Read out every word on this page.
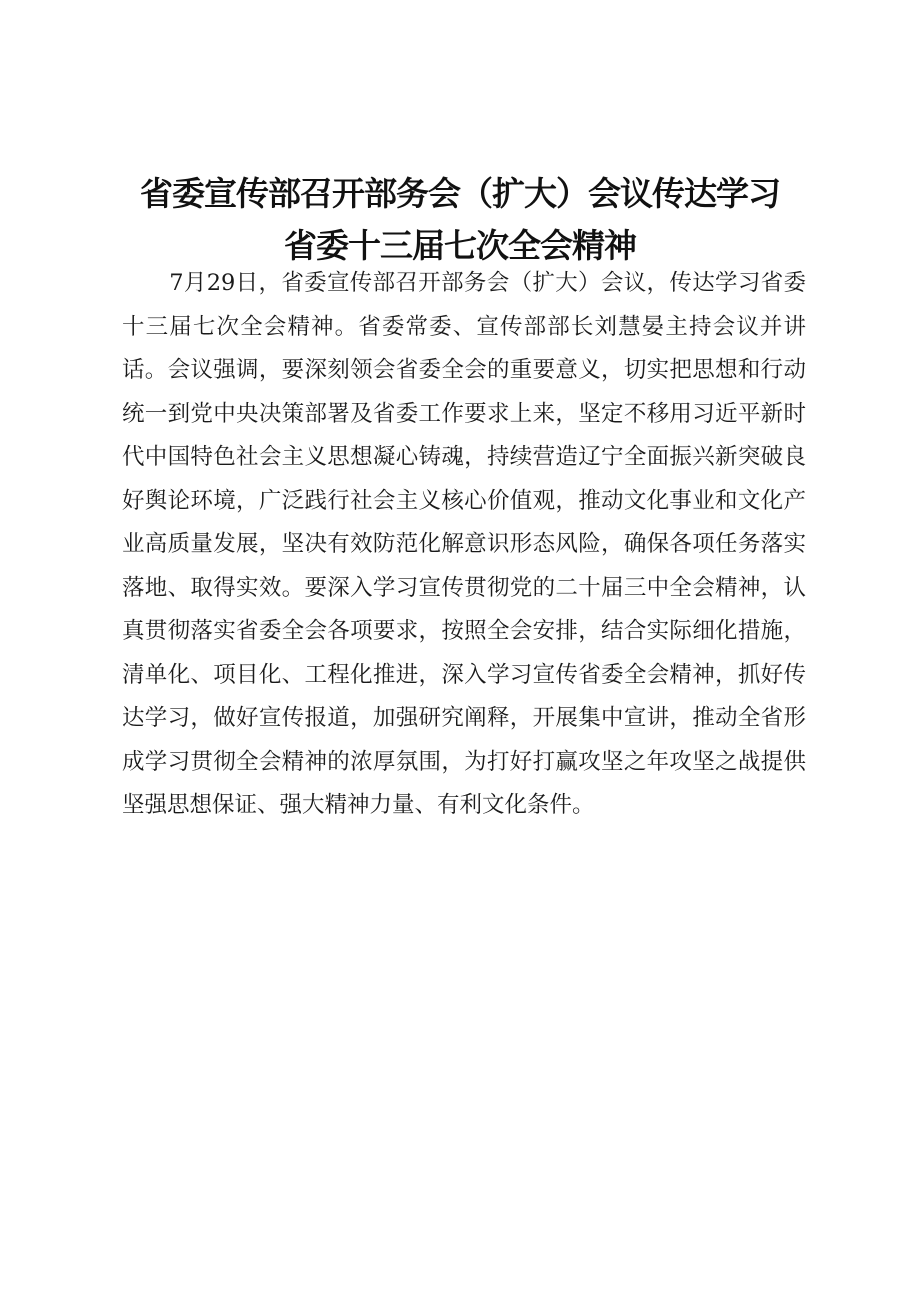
省委宣传部召开部务会（扩大）会议传达学习
省委十三届七次全会精神

7月29日，省委宣传部召开部务会（扩大）会议，传达学习省委十三届七次全会精神。省委常委、宣传部部长刘慧晏主持会议并讲话。会议强调，要深刻领会省委全会的重要意义，切实把思想和行动统一到党中央决策部署及省委工作要求上来，坚定不移用习近平新时代中国特色社会主义思想凝心铸魂，持续营造辽宁全面振兴新突破良好舆论环境，广泛践行社会主义核心价值观，推动文化事业和文化产业高质量发展，坚决有效防范化解意识形态风险，确保各项任务落实落地、取得实效。要深入学习宣传贯彻党的二十届三中全会精神，认真贯彻落实省委全会各项要求，按照全会安排，结合实际细化措施，清单化、项目化、工程化推进，深入学习宣传省委全会精神，抓好传达学习，做好宣传报道，加强研究阐释，开展集中宣讲，推动全省形成学习贯彻全会精神的浓厚氛围，为打好打赢攻坚之年攻坚之战提供坚强思想保证、强大精神力量、有利文化条件。
